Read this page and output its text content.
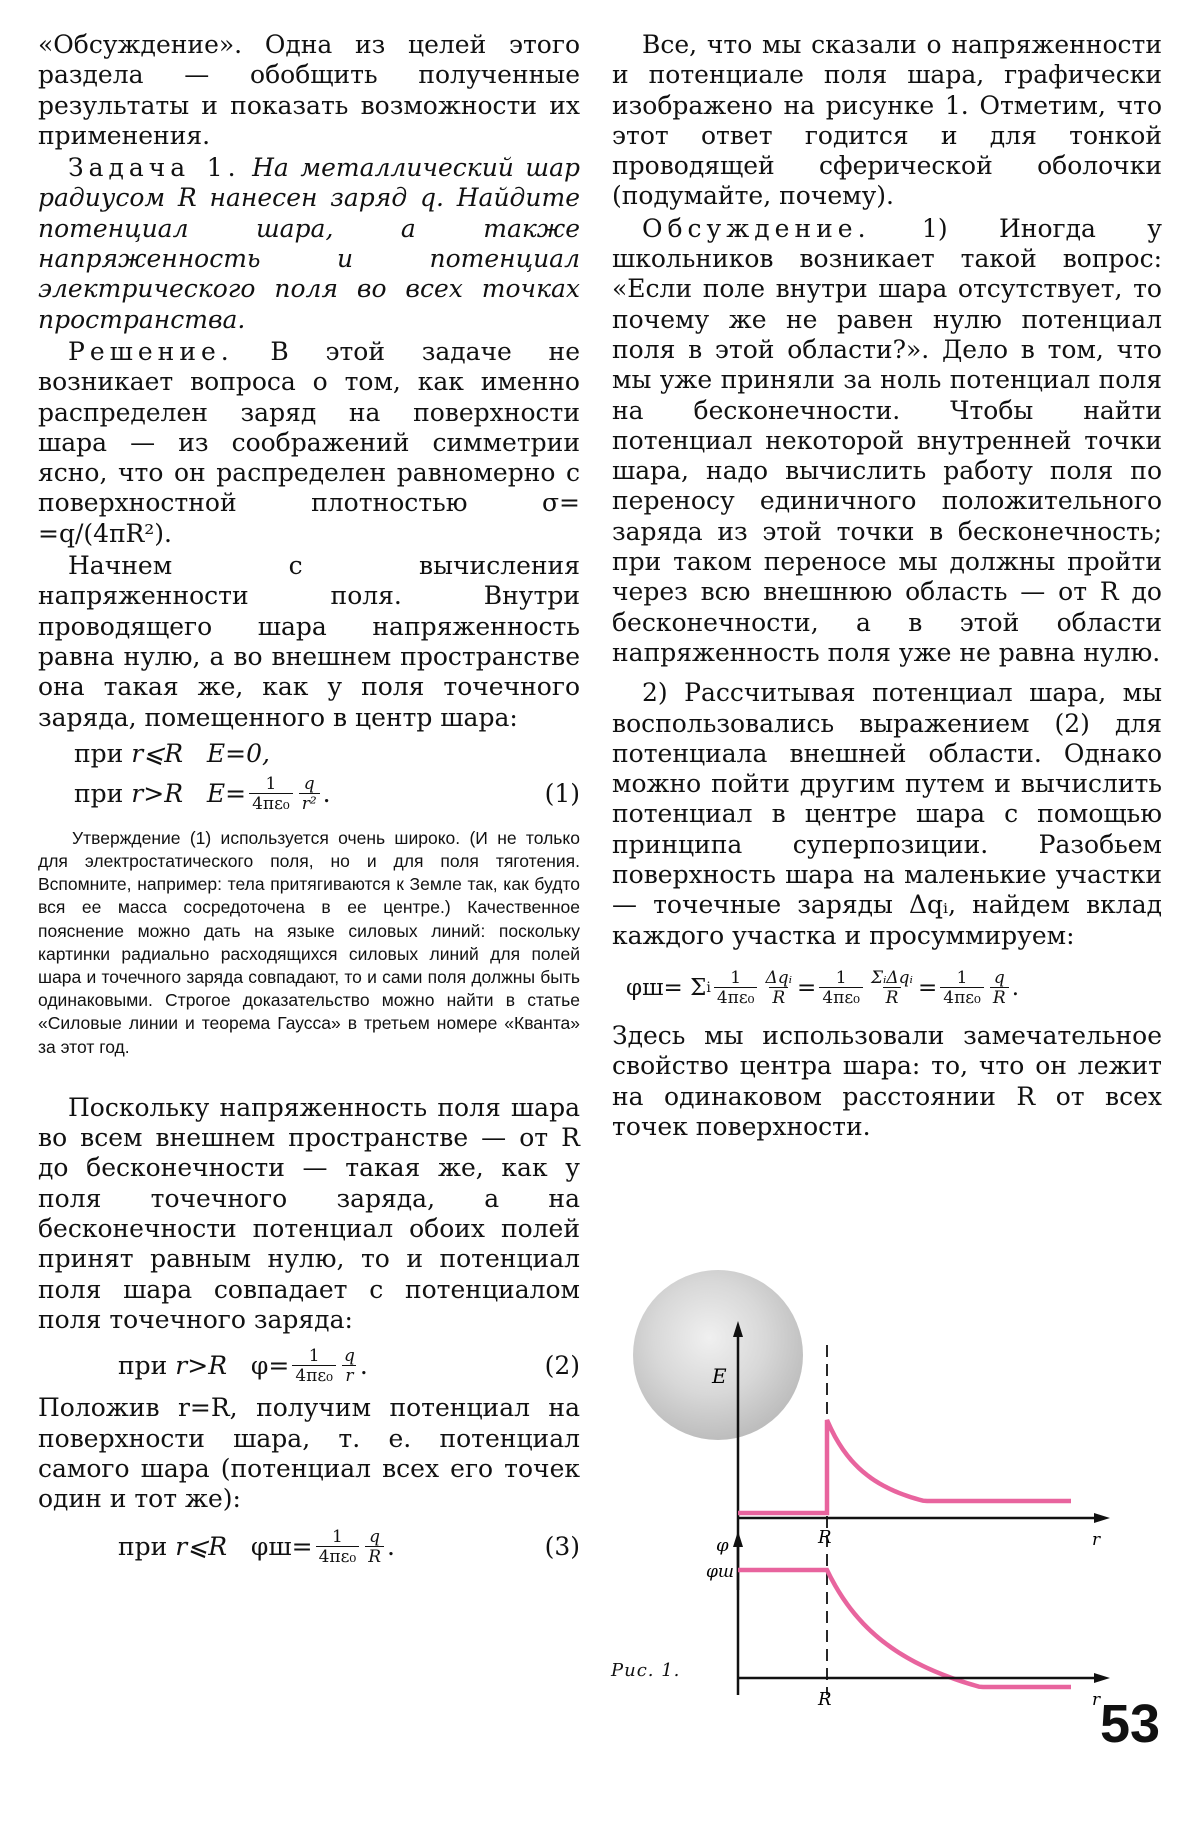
«Обсуждение». Одна из целей этого раздела — обобщить полученные результаты и показать возможности их применения.

Задача 1. На металлический шар радиусом R нанесен заряд q. Найдите потенциал шара, а также напряженность и потенциал электрического поля во всех точках пространства.

Решение. В этой задаче не возникает вопроса о том, как именно распределен заряд на поверхности шара — из соображений симметрии ясно, что он распределен равномерно с поверхностной плотностью σ= =q/(4πR²).

Начнем с вычисления напряженности поля. Внутри проводящего шара напряженность равна нулю, а во внешнем пространстве она такая же, как у поля точечного заряда, помещенного в центр шара:

при
r⩽R
E=0,
при
r>R
$E= \frac{1}{\text{4πε₀}} \frac{q}{\text{r²}}$ .	(1)

Утверждение (1) используется очень широко. (И не только для электростатического поля, но и для поля тяготения. Вспомните, например: тела притягиваются к Земле так, как будто вся ее масса сосредоточена в ее центре.) Качественное пояснение можно дать на языке силовых линий: поскольку картинки радиально расходящихся силовых линий для полей шара и точечного заряда совпадают, то и сами поля должны быть одинаковыми. Строгое доказательство можно найти в статье «Силовые линии и теорема Гаусса» в третьем номере «Кванта» за этот год.

Поскольку напряженность поля шара во всем внешнем пространстве — от R до бесконечности — такая же, как у поля точечного заряда, а на бесконечности потенциал обоих полей принят равным нулю, то и потенциал поля шара совпадает с потенциалом поля точечного заряда:

при
r>R
$\varphi= \frac{1}{\text{4πε₀}} \frac{q}{r}$ .	(2)

Положив r=R, получим потенциал на поверхности шара, т. е. потенциал самого шара (потенциал всех его точек один и тот же):

при
r⩽R
$\varphi ш= \frac{1}{\text{4πε₀}} \frac{q}{R}$ .	(3)

Все, что мы сказали о напряженности и потенциале поля шара, графически изображено на рисунке 1. Отметим, что этот ответ годится и для тонкой проводящей сферической оболочки (подумайте, почему).

Обсуждение. 1) Иногда у школьников возникает такой вопрос: «Если поле внутри шара отсутствует, то почему же не равен нулю потенциал поля в этой области?». Дело в том, что мы уже приняли за ноль потенциал поля на бесконечности. Чтобы найти потенциал некоторой внутренней точки шара, надо вычислить работу поля по переносу единичного положительного заряда из этой точки в бесконечность; при таком переносе мы должны пройти через всю внешнюю область — от R до бесконечности, а в этой области напряженность поля уже не равна нулю.

2) Рассчитывая потенциал шара, мы воспользовались выражением (2) для потенциала внешней области. Однако можно пойти другим путем и вычислить потенциал в центре шара с помощью принципа суперпозиции. Разобьем поверхность шара на маленькие участки — точечные заряды Δqᵢ, найдем вклад каждого участка и просуммируем:

φш= Σ i $\frac{1}{\text{4πε₀}} \frac{\text{Δqᵢ}}{R} = \frac{1}{\text{4πε₀}} \frac{\text{ΣᵢΔqᵢ}}{R} = \frac{1}{\text{4πε₀}} \frac{q}{R}$ .

Здесь мы использовали замечательное свойство центра шара: то, что он лежит на одинаковом расстоянии R от всех точек поверхности.

E
r
R
φ
φш
r
R
Рис. 1.
53
